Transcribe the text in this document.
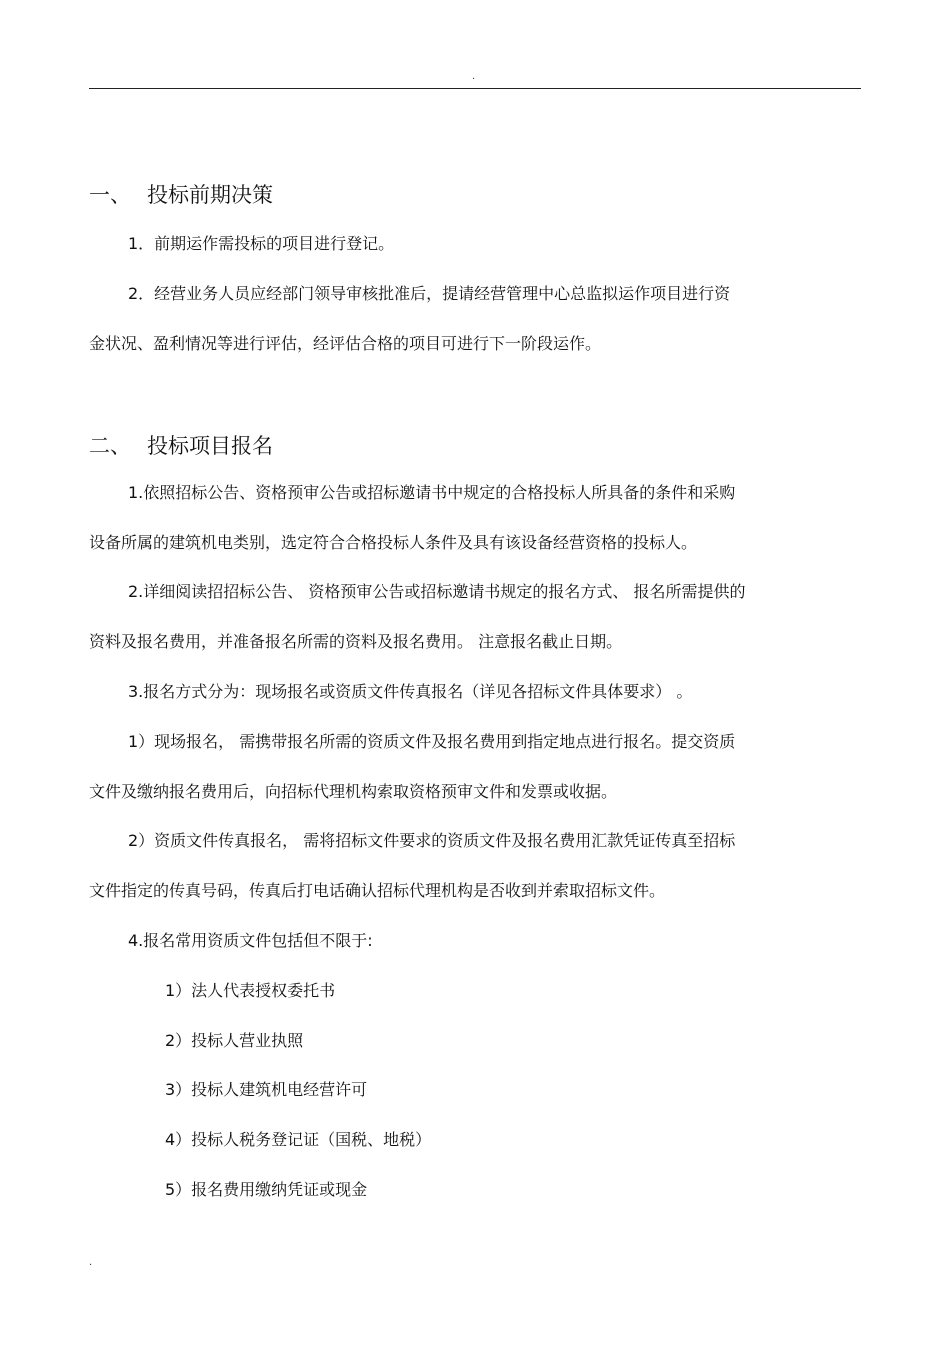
.
一、 投标前期决策
1．前期运作需投标的项目进行登记。
2．经营业务人员应经部门领导审核批准后，提请经营管理中心总监拟运作项目进行资
金状况、盈利情况等进行评估，经评估合格的项目可进行下一阶段运作。
二、 投标项目报名
1.依照招标公告、资格预审公告或招标邀请书中规定的合格投标人所具备的条件和采购
设备所属的建筑机电类别，选定符合合格投标人条件及具有该设备经营资格的投标人。
2.详细阅读招招标公告、 资格预审公告或招标邀请书规定的报名方式、 报名所需提供的
资料及报名费用，并准备报名所需的资料及报名费用。 注意报名截止日期。
3.报名方式分为：现场报名或资质文件传真报名（详见各招标文件具体要求） 。
1）现场报名， 需携带报名所需的资质文件及报名费用到指定地点进行报名。提交资质
文件及缴纳报名费用后，向招标代理机构索取资格预审文件和发票或收据。
2）资质文件传真报名， 需将招标文件要求的资质文件及报名费用汇款凭证传真至招标
文件指定的传真号码，传真后打电话确认招标代理机构是否收到并索取招标文件。
4.报名常用资质文件包括但不限于:
1）法人代表授权委托书
2）投标人营业执照
3）投标人建筑机电经营许可
4）投标人税务登记证（国税、地税）
5）报名费用缴纳凭证或现金
.
